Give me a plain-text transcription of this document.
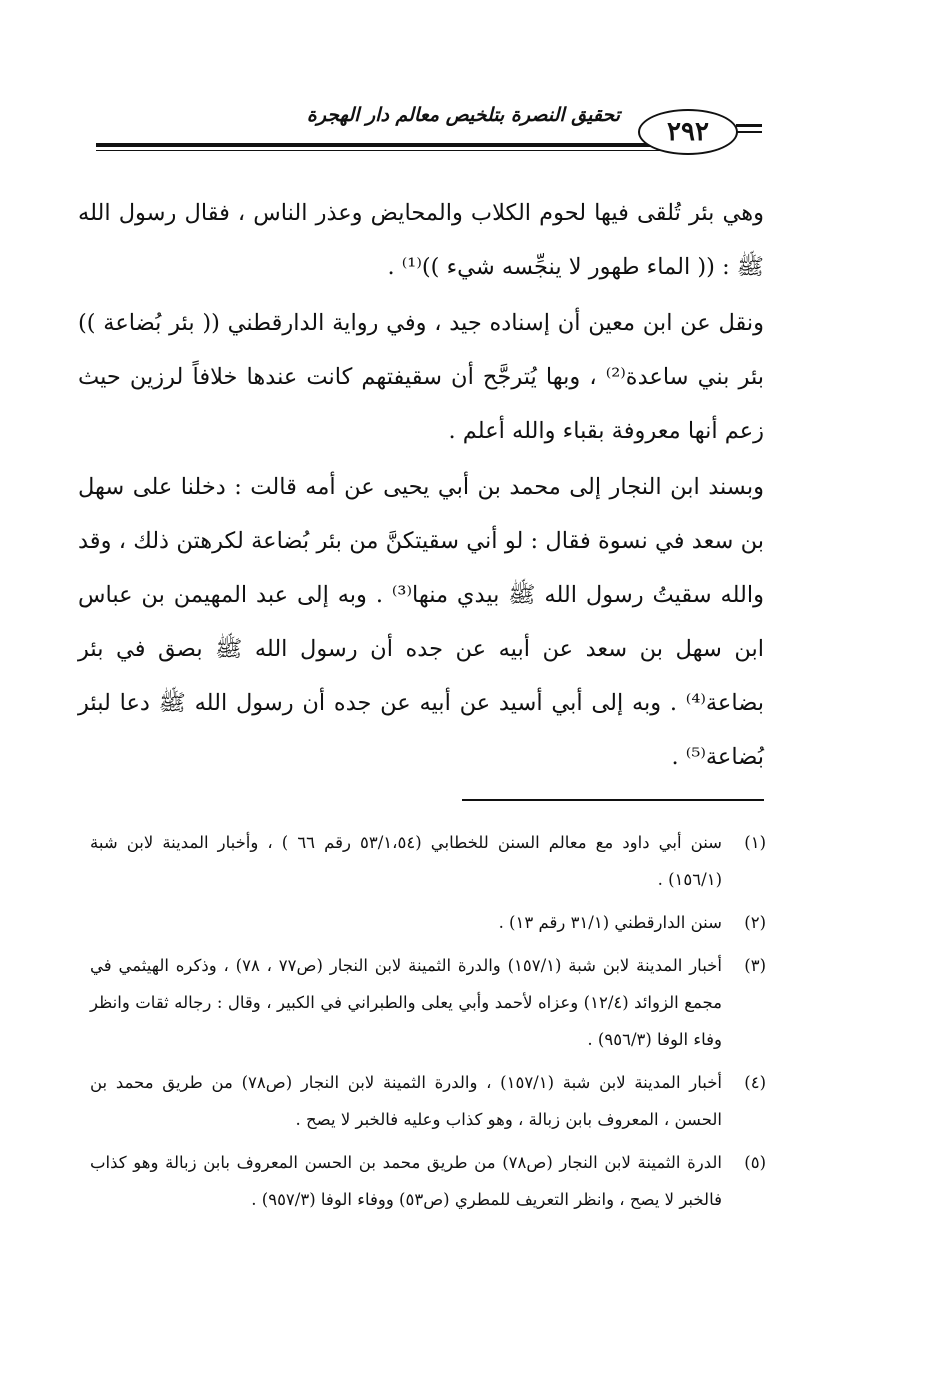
تحقيق النصرة بتلخيص معالم دار الهجرة
٢٩٢

وهي بئر تُلقى فيها لحوم الكلاب والمحايض وعذر الناس ، فقال رسول الله ﷺ : (( الماء طهور لا ينجِّسه شيء ))⁽¹⁾ .

ونقل عن ابن معين أن إسناده جيد ، وفي رواية الدارقطني (( بئر بُضاعة )) بئر بني ساعدة⁽²⁾ ، وبها يُترجَّح أن سقيفتهم كانت عندها خلافاً لرزين حيث زعم أنها معروفة بقباء والله أعلم .

وبسند ابن النجار إلى محمد بن أبي يحيى عن أمه قالت : دخلنا على سهل بن سعد في نسوة فقال : لو أني سقيتكنَّ من بئر بُضاعة لكرهتن ذلك ، وقد والله سقيتُ رسول الله ﷺ بيدي منها⁽³⁾ . وبه إلى عبد المهيمن بن عباس ابن سهل بن سعد عن أبيه عن جده أن رسول الله ﷺ بصق في بئر بضاعة⁽⁴⁾ . وبه إلى أبي أسيد عن أبيه عن جده أن رسول الله ﷺ دعا لبئر بُضاعة⁽⁵⁾ .

(١)
سنن أبي داود مع معالم السنن للخطابي (٥٣/١،٥٤ رقم ٦٦ ) ، وأخبار المدينة لابن شبة (١٥٦/١) .
(٢)
سنن الدارقطني (٣١/١ رقم ١٣) .
(٣)
أخبار المدينة لابن شبة (١٥٧/١) والدرة الثمينة لابن النجار (ص٧٧ ، ٧٨) ، وذكره الهيثمي في مجمع الزوائد (١٢/٤) وعزاه لأحمد وأبي يعلى والطبراني في الكبير ، وقال : رجاله ثقات وانظر وفاء الوفا (٩٥٦/٣) .
(٤)
أخبار المدينة لابن شبة (١٥٧/١) ، والدرة الثمينة لابن النجار (ص٧٨) من طريق محمد بن الحسن ، المعروف بابن زبالة ، وهو كذاب وعليه فالخبر لا يصح .
(٥)
الدرة الثمينة لابن النجار (ص٧٨) من طريق محمد بن الحسن المعروف بابن زبالة وهو كذاب فالخبر لا يصح ، وانظر التعريف للمطري (ص٥٣) ووفاء الوفا (٩٥٧/٣) .
